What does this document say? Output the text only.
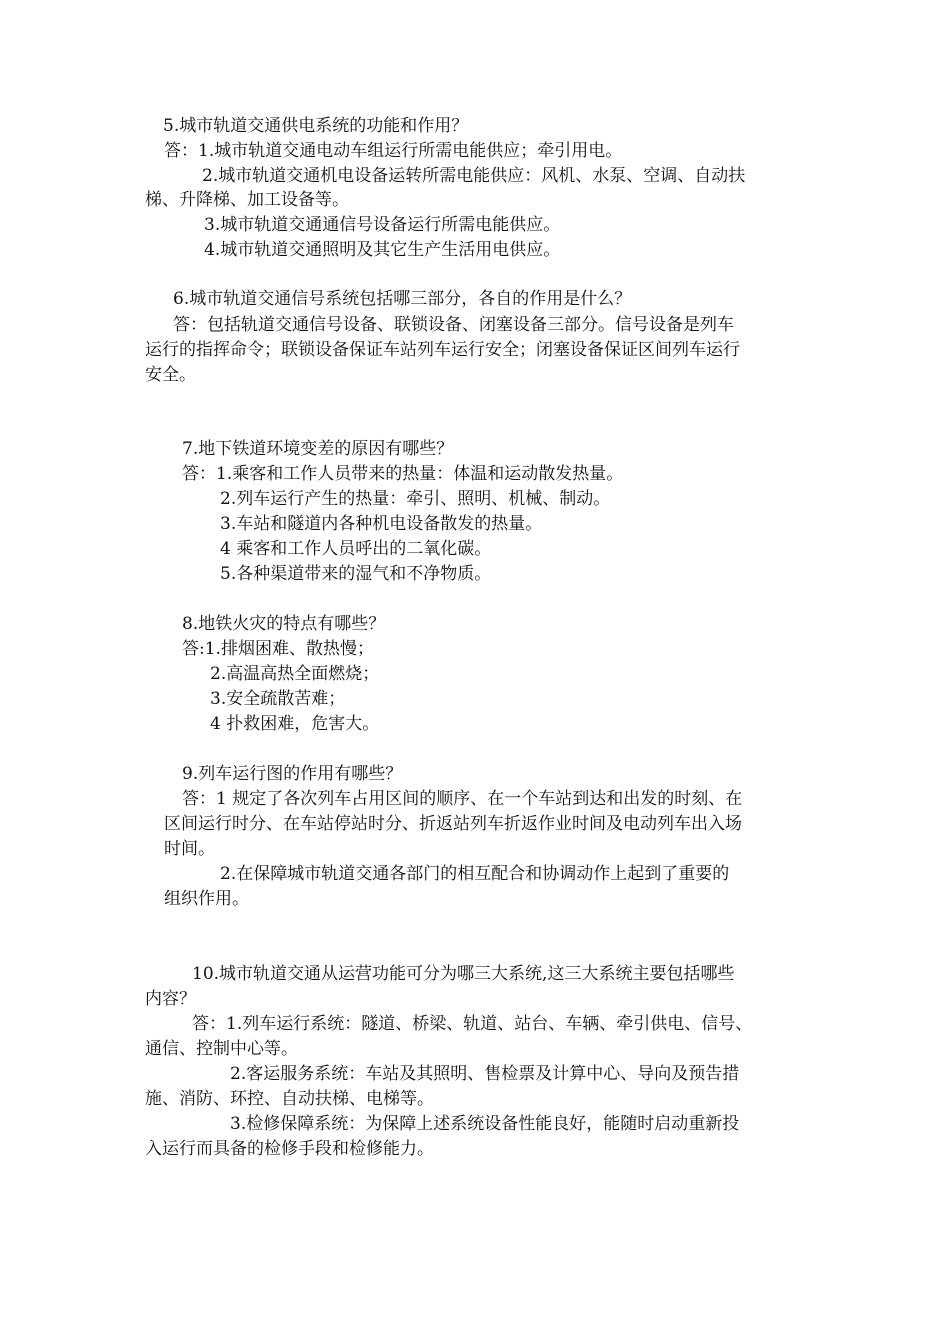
5.城市轨道交通供电系统的功能和作用？
答：1.城市轨道交通电动车组运行所需电能供应；牵引用电。
2.城市轨道交通机电设备运转所需电能供应：风机、水泵、空调、自动扶
梯、升降梯、加工设备等。
3.城市轨道交通通信号设备运行所需电能供应。
4.城市轨道交通照明及其它生产生活用电供应。
6.城市轨道交通信号系统包括哪三部分，各自的作用是什么？
答：包括轨道交通信号设备、联锁设备、闭塞设备三部分。信号设备是列车
运行的指挥命令；联锁设备保证车站列车运行安全；闭塞设备保证区间列车运行
安全。
7.地下铁道环境变差的原因有哪些？
答：1.乘客和工作人员带来的热量：体温和运动散发热量。
2.列车运行产生的热量：牵引、照明、机械、制动。
3.车站和隧道内各种机电设备散发的热量。
4 乘客和工作人员呼出的二氧化碳。
5.各种渠道带来的湿气和不净物质。
8.地铁火灾的特点有哪些？
答:1.排烟困难、散热慢；
2.高温高热全面燃烧；
3.安全疏散苦难；
4 扑救困难，危害大。
9.列车运行图的作用有哪些？
答：1 规定了各次列车占用区间的顺序、在一个车站到达和出发的时刻、在
区间运行时分、在车站停站时分、折返站列车折返作业时间及电动列车出入场
时间。
2.在保障城市轨道交通各部门的相互配合和协调动作上起到了重要的
组织作用。
10.城市轨道交通从运营功能可分为哪三大系统,这三大系统主要包括哪些
内容？
答：1.列车运行系统：隧道、桥梁、轨道、站台、车辆、牵引供电、信号、
通信、控制中心等。
2.客运服务系统：车站及其照明、售检票及计算中心、导向及预告措
施、消防、环控、自动扶梯、电梯等。
3.检修保障系统：为保障上述系统设备性能良好，能随时启动重新投
入运行而具备的检修手段和检修能力。
